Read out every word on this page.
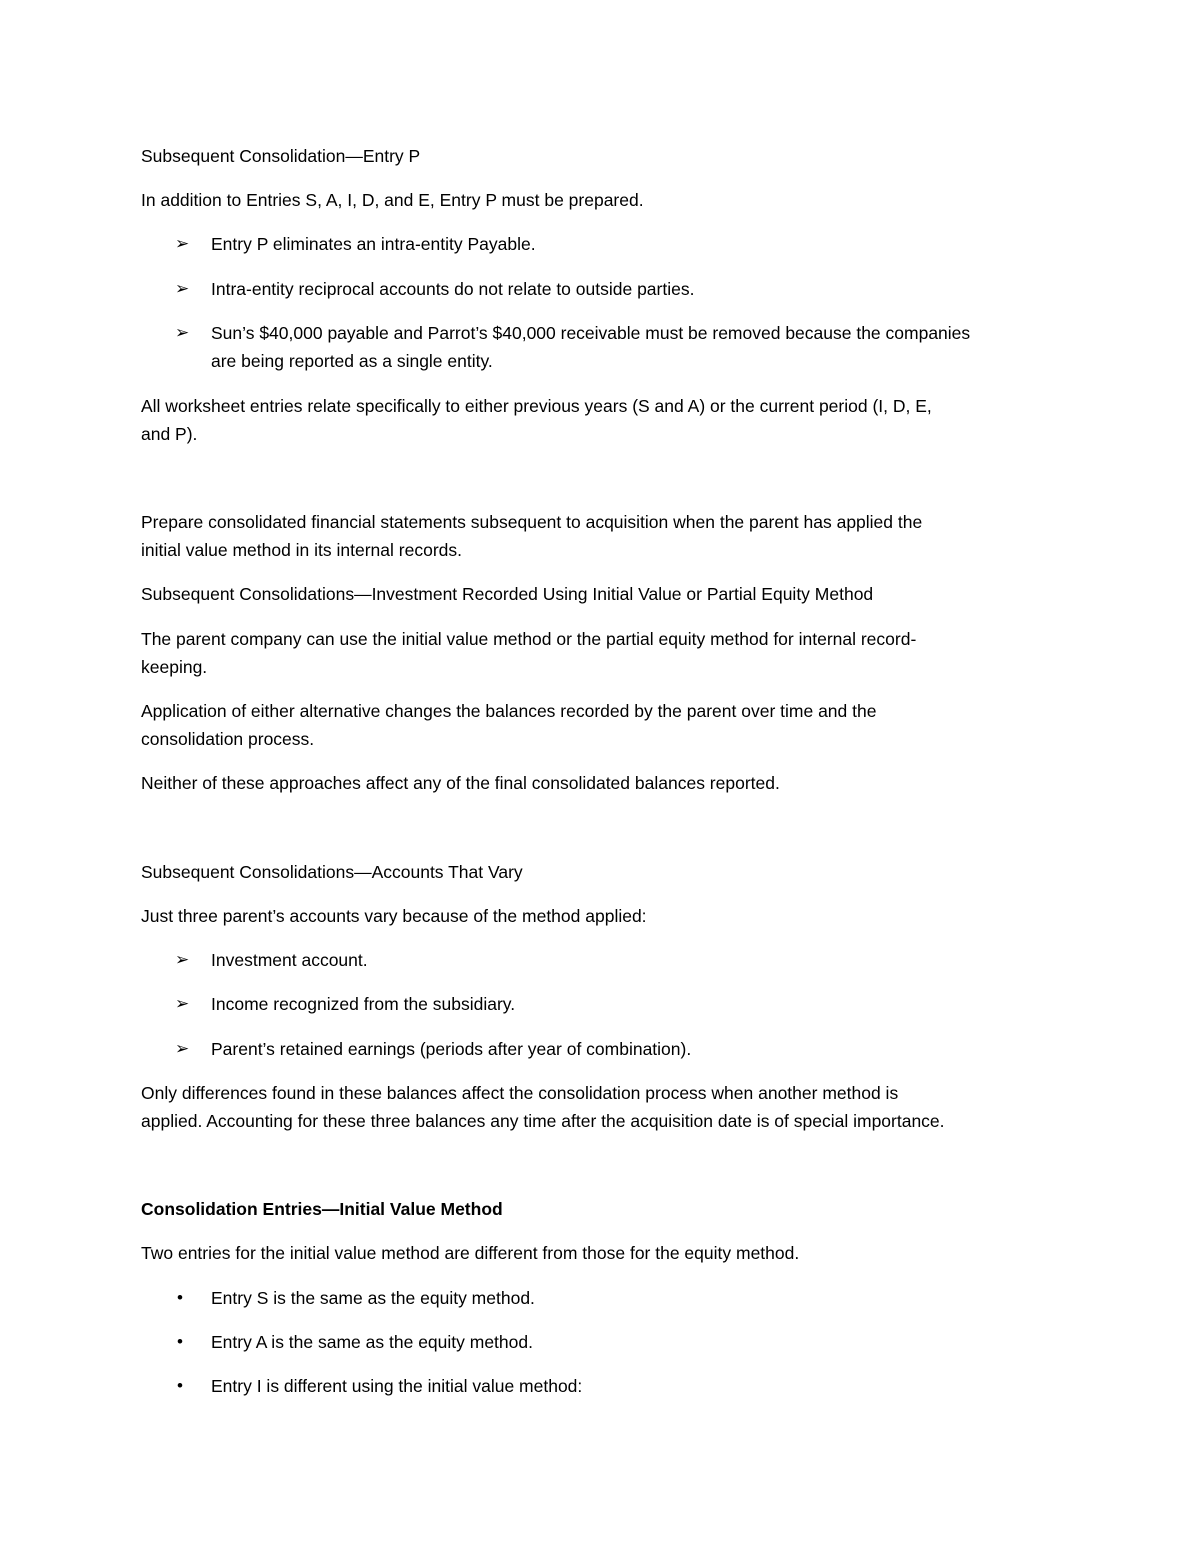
Subsequent Consolidation—Entry P

In addition to Entries S, A, I, D, and E, Entry P must be prepared.

➢ Entry P eliminates an intra-entity Payable.

➢ Intra-entity reciprocal accounts do not relate to outside parties.

➢ Sun’s $40,000 payable and Parrot’s $40,000 receivable must be removed because the companies

are being reported as a single entity.

All worksheet entries relate specifically to either previous years (S and A) or the current period (I, D, E,

and P).

Prepare consolidated financial statements subsequent to acquisition when the parent has applied the

initial value method in its internal records.

Subsequent Consolidations—Investment Recorded Using Initial Value or Partial Equity Method

The parent company can use the initial value method or the partial equity method for internal record-

keeping.

Application of either alternative changes the balances recorded by the parent over time and the

consolidation process.

Neither of these approaches affect any of the final consolidated balances reported.

Subsequent Consolidations—Accounts That Vary

Just three parent’s accounts vary because of the method applied:

➢ Investment account.

➢ Income recognized from the subsidiary.

➢ Parent’s retained earnings (periods after year of combination).

Only differences found in these balances affect the consolidation process when another method is

applied. Accounting for these three balances any time after the acquisition date is of special importance.

Consolidation Entries—Initial Value Method

Two entries for the initial value method are different from those for the equity method.

• Entry S is the same as the equity method.

• Entry A is the same as the equity method.

• Entry I is different using the initial value method:
